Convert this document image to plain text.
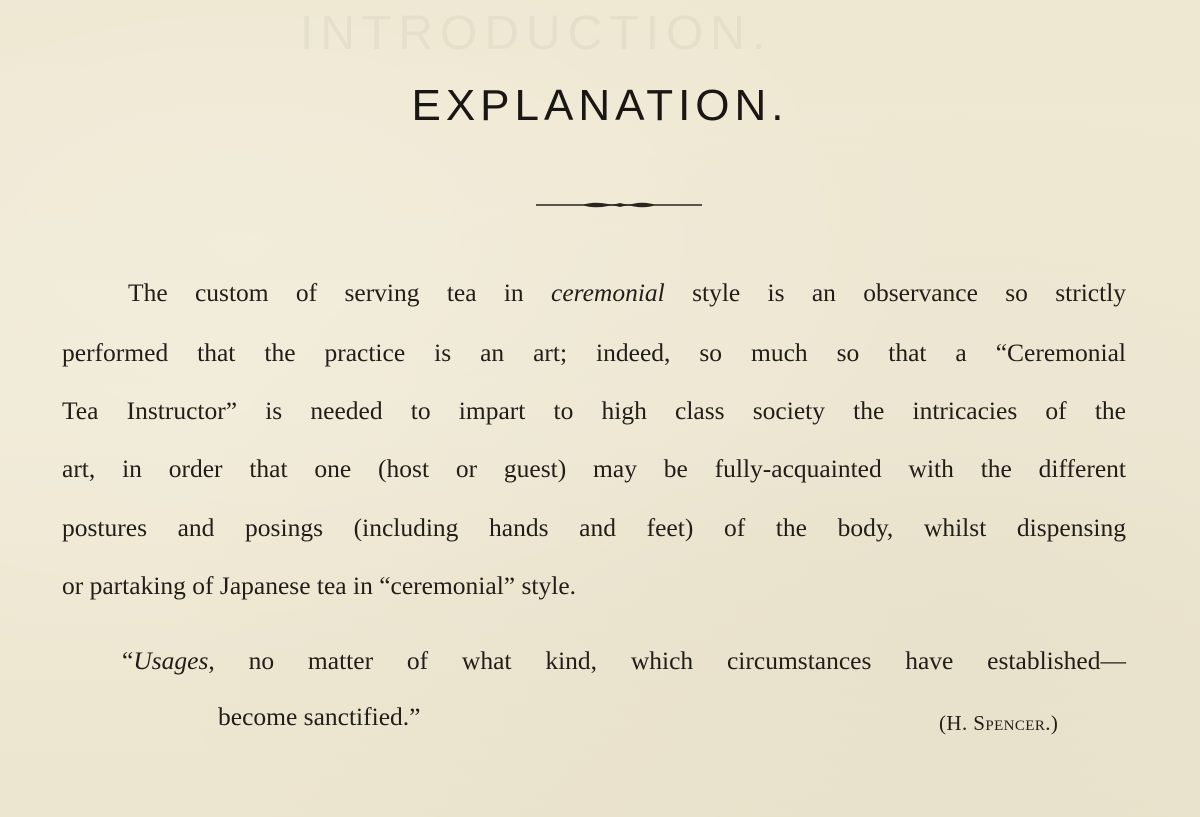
INTRODUCTION.
EXPLANATION.
The custom of serving tea in ceremonial style is an observance so strictly
performed that the practice is an art; indeed, so much so that a “Ceremonial
Tea Instructor” is needed to impart to high class society the intricacies of the
art, in order that one (host or guest) may be fully-acquainted with the different
postures and posings (including hands and feet) of the body, whilst dispensing
or partaking of Japanese tea in “ceremonial” style.
“Usages, no matter of what kind, which circumstances have established—
become sanctified.”	(H. Spencer.)
